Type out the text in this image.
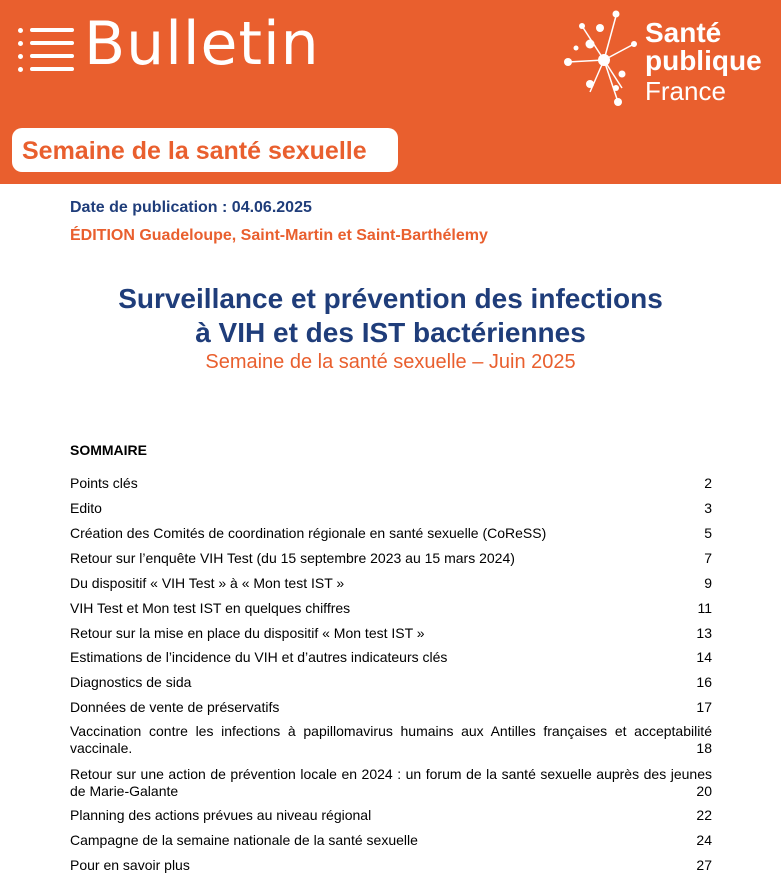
Bulletin	Santé
publique
France
Semaine de la santé sexuelle
Date de publication : 04.06.2025
ÉDITION Guadeloupe, Saint-Martin et Saint-Barthélemy
Surveillance et prévention des infections
à VIH et des IST bactériennes
Semaine de la santé sexuelle – Juin 2025
SOMMAIRE
Points clés	2
Edito	3
Création des Comités de coordination régionale en santé sexuelle (CoReSS)	5
Retour sur l’enquête VIH Test (du 15 septembre 2023 au 15 mars 2024)	7
Du dispositif « VIH Test » à « Mon test IST »	9
VIH Test et Mon test IST en quelques chiffres	11
Retour sur la mise en place du dispositif « Mon test IST »	13
Estimations de l’incidence du VIH et d’autres indicateurs clés	14
Diagnostics de sida	16
Données de vente de préservatifs	17
Vaccination contre les infections à papillomavirus humains aux Antilles françaises et acceptabilité vaccinale.	18
Retour sur une action de prévention locale en 2024 : un forum de la santé sexuelle auprès des jeunes de Marie-Galante	20
Planning des actions prévues au niveau régional	22
Campagne de la semaine nationale de la santé sexuelle	24
Pour en savoir plus	27
